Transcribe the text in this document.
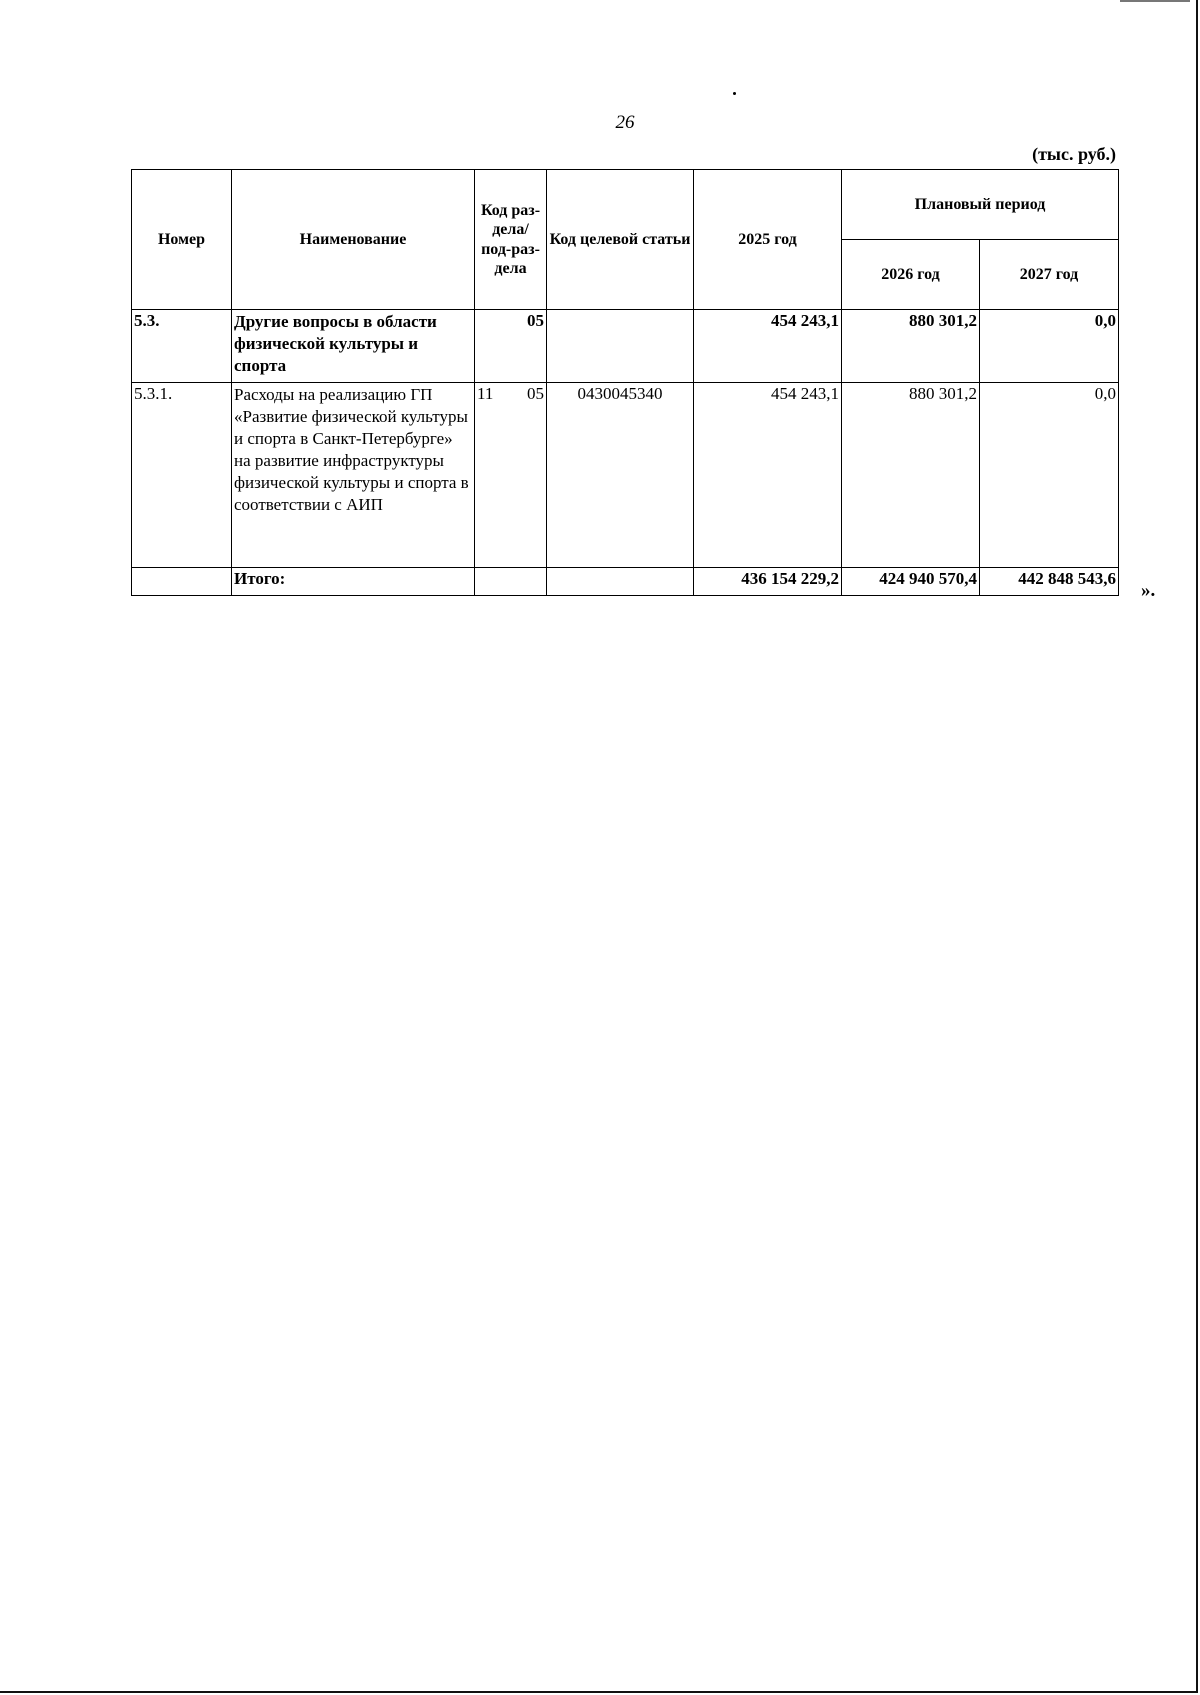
26
(тыс. руб.)
Номер	Наименование	Код раз-дела/ под-раз-дела	Код целевой статьи	2025 год	Плановый период	
					2026 год	2027 год
5.3.	Другие вопросы в области физической культуры и спорта	05		454 243,1	880 301,2	0,0
5.3.1.	Расходы на реализацию ГП «Развитие физической культуры и спорта в Санкт-Петербурге» на развитие инфраструктуры физической культуры и спорта в соответствии с АИП	11 05	0430045340	454 243,1	880 301,2	0,0
	Итого:			436 154 229,2	424 940 570,4	442 848 543,6
».
